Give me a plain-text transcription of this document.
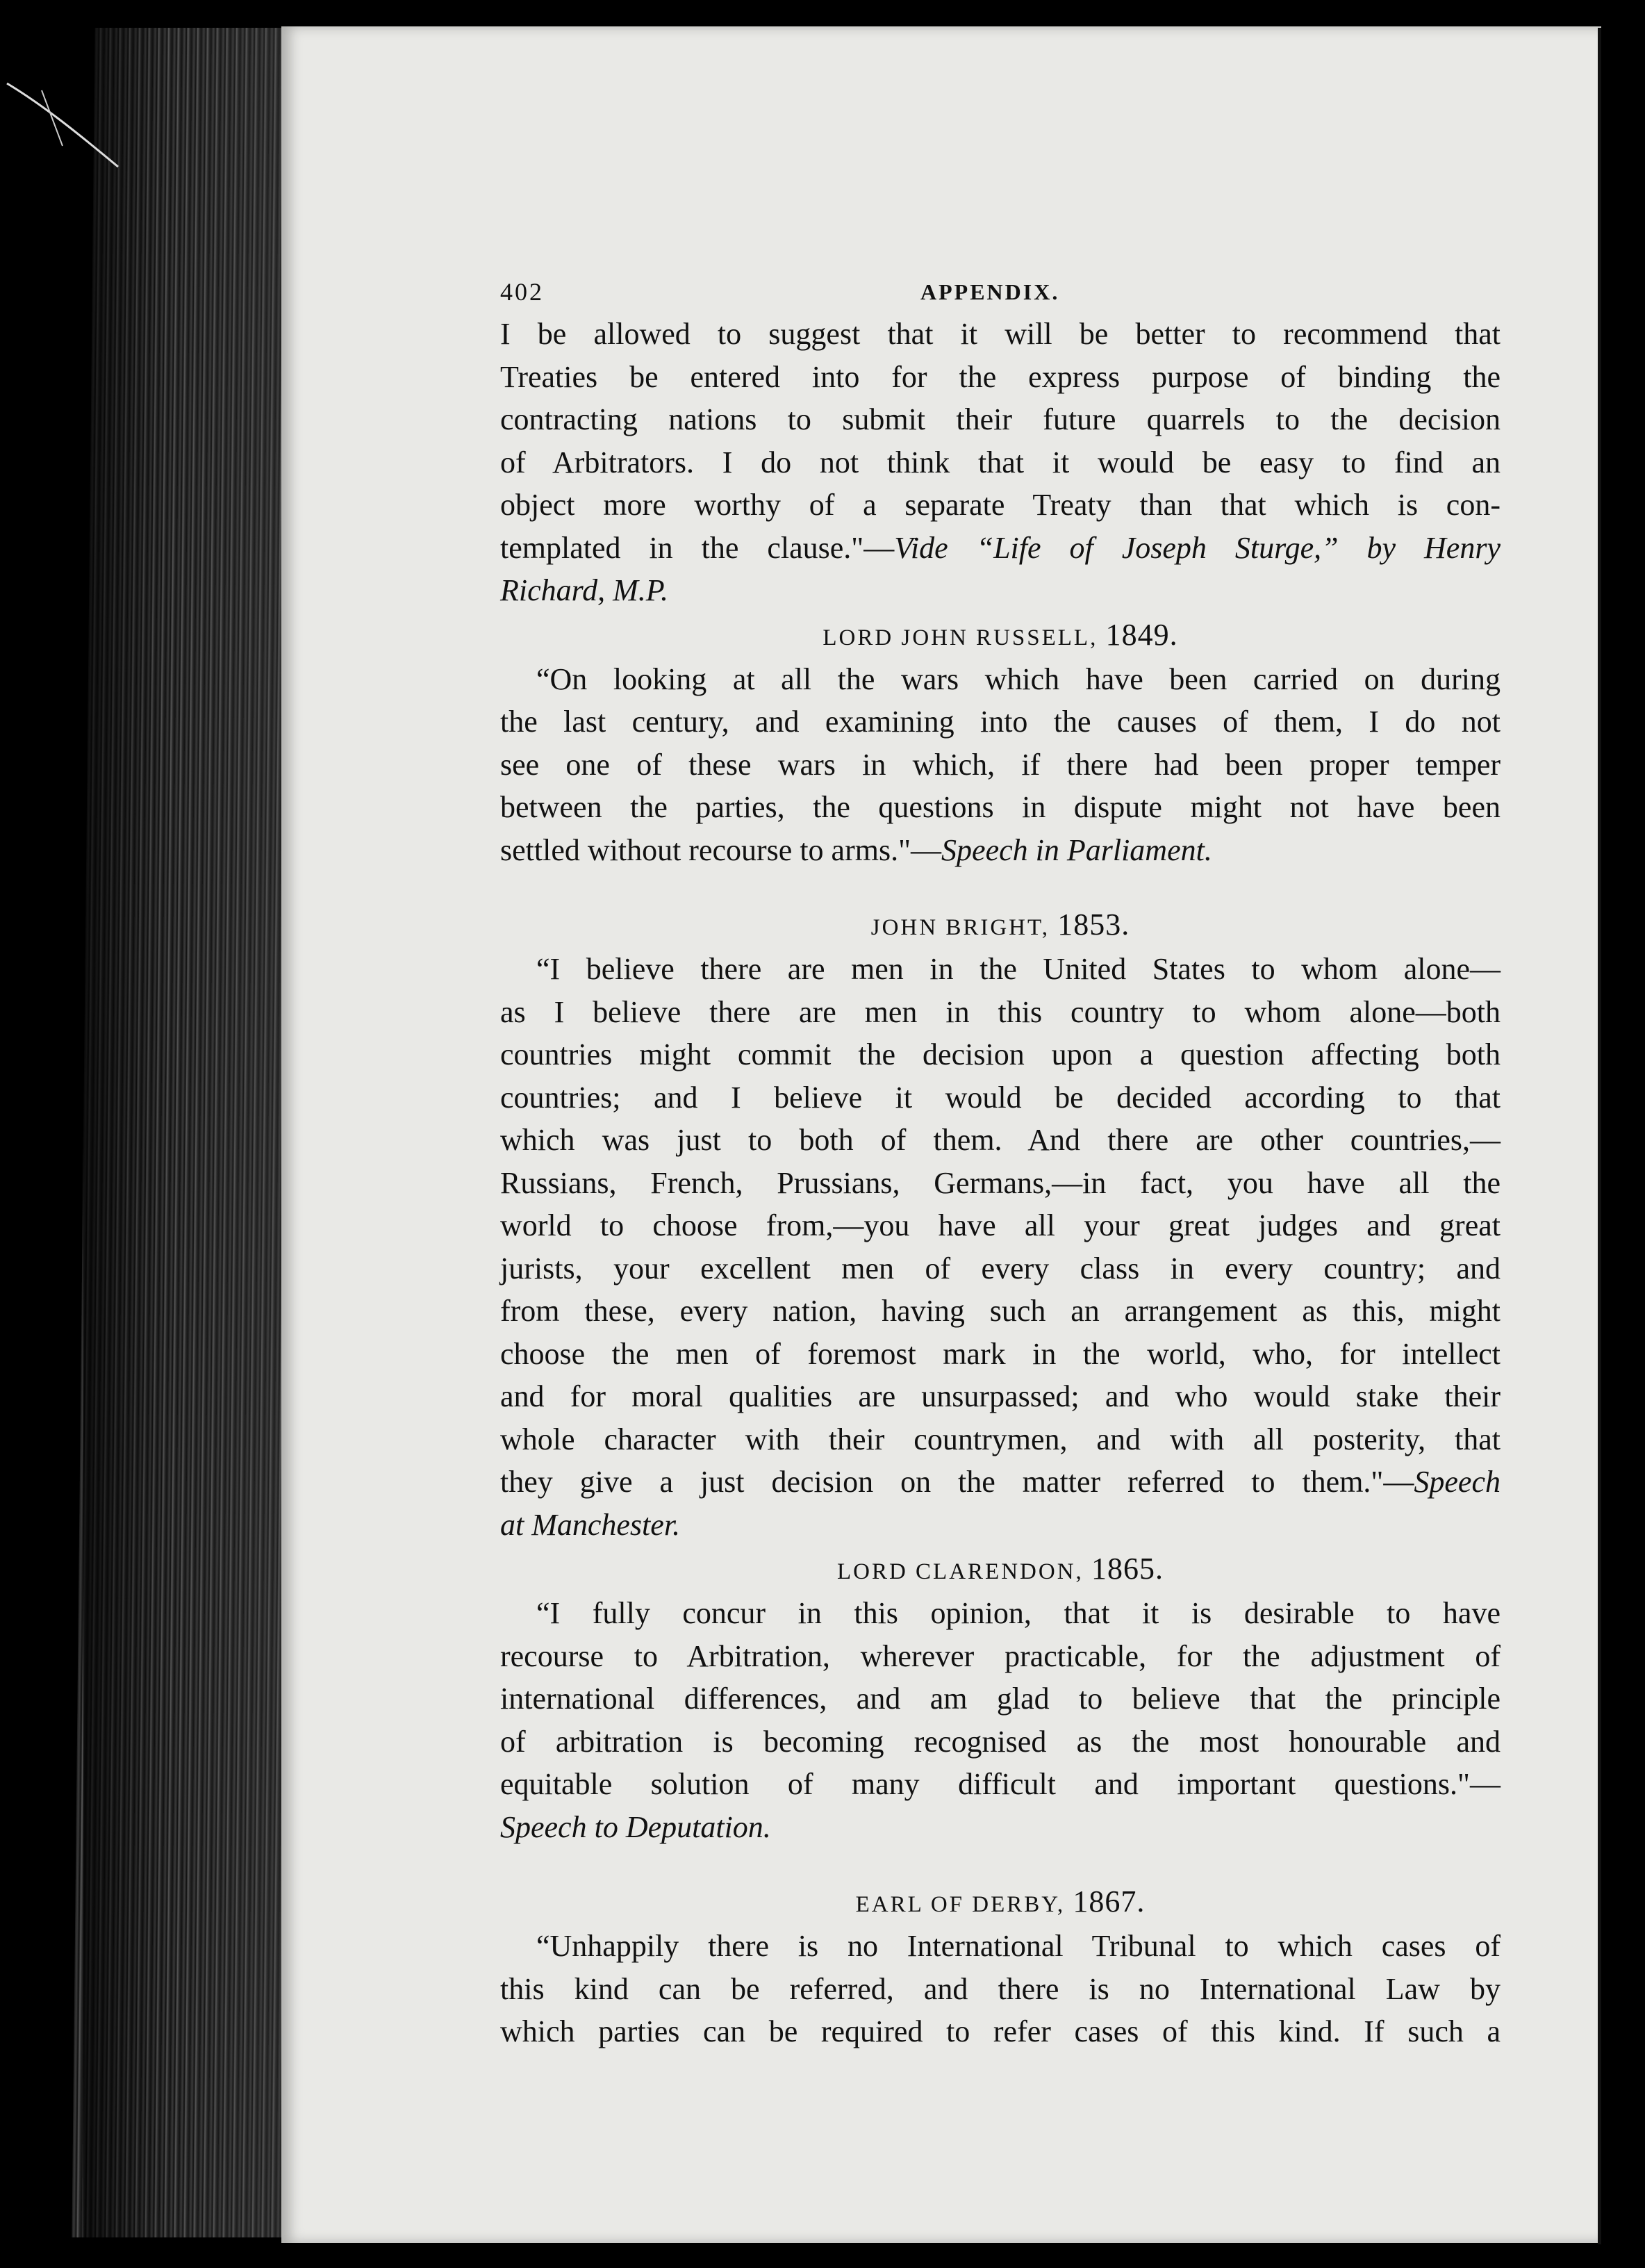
402	APPENDIX.

I be allowed to suggest that it will be better to recommend that

Treaties be entered into for the express purpose of binding the

contracting nations to submit their future quarrels to the decision

of Arbitrators. I do not think that it would be easy to find an

object more worthy of a separate Treaty than that which is con-

templated in the clause."—Vide “Life of Joseph Sturge,” by Henry

Richard, M.P.

LORD JOHN RUSSELL, 1849.

“On looking at all the wars which have been carried on during

the last century, and examining into the causes of them, I do not

see one of these wars in which, if there had been proper temper

between the parties, the questions in dispute might not have been

settled without recourse to arms."—Speech in Parliament.

JOHN BRIGHT, 1853.

“I believe there are men in the United States to whom alone—

as I believe there are men in this country to whom alone—both

countries might commit the decision upon a question affecting both

countries; and I believe it would be decided according to that

which was just to both of them. And there are other countries,—

Russians, French, Prussians, Germans,—in fact, you have all the

world to choose from,—you have all your great judges and great

jurists, your excellent men of every class in every country; and

from these, every nation, having such an arrangement as this, might

choose the men of foremost mark in the world, who, for intellect

and for moral qualities are unsurpassed; and who would stake their

whole character with their countrymen, and with all posterity, that

they give a just decision on the matter referred to them."—Speech

at Manchester.

LORD CLARENDON, 1865.

“I fully concur in this opinion, that it is desirable to have

recourse to Arbitration, wherever practicable, for the adjustment of

international differences, and am glad to believe that the principle

of arbitration is becoming recognised as the most honourable and

equitable solution of many difficult and important questions."—

Speech to Deputation.

EARL OF DERBY, 1867.

“Unhappily there is no International Tribunal to which cases of

this kind can be referred, and there is no International Law by

which parties can be required to refer cases of this kind. If such a
